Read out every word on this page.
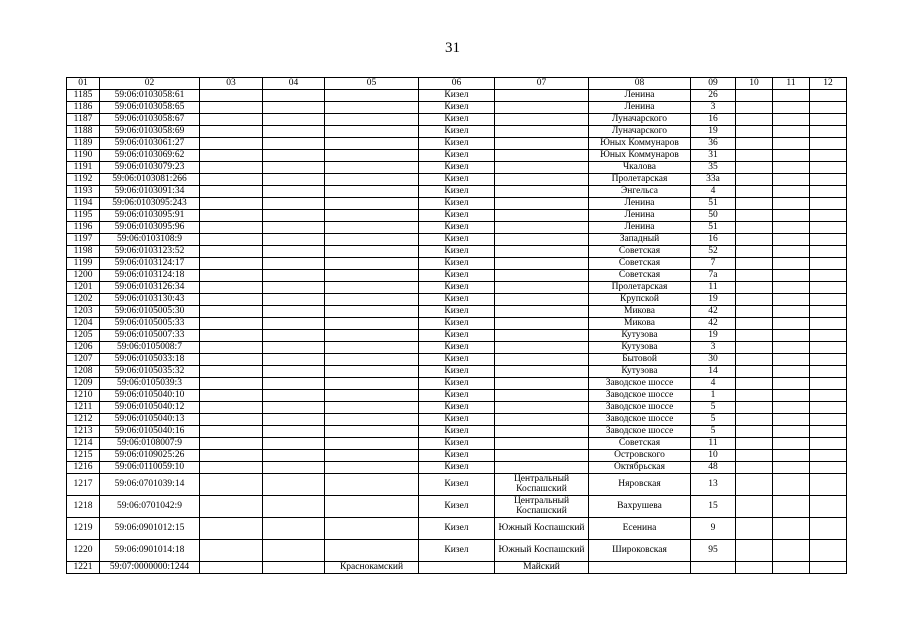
31
01	02	03	04	05	06	07	08	09	10	11	12
1185	59:06:0103058:61				Кизел		Ленина	26			
1186	59:06:0103058:65				Кизел		Ленина	3			
1187	59:06:0103058:67				Кизел		Луначарского	16			
1188	59:06:0103058:69				Кизел		Луначарского	19			
1189	59:06:0103061:27				Кизел		Юных Коммунаров	36			
1190	59:06:0103069:62				Кизел		Юных Коммунаров	31			
1191	59:06:0103079:23				Кизел		Чкалова	35			
1192	59:06:0103081:266				Кизел		Пролетарская	33а			
1193	59:06:0103091:34				Кизел		Энгельса	4			
1194	59:06:0103095:243				Кизел		Ленина	51			
1195	59:06:0103095:91				Кизел		Ленина	50			
1196	59:06:0103095:96				Кизел		Ленина	51			
1197	59:06:0103108:9				Кизел		Западный	16			
1198	59:06:0103123:52				Кизел		Советская	52			
1199	59:06:0103124:17				Кизел		Советская	7			
1200	59:06:0103124:18				Кизел		Советская	7а			
1201	59:06:0103126:34				Кизел		Пролетарская	11			
1202	59:06:0103130:43				Кизел		Крупской	19			
1203	59:06:0105005:30				Кизел		Микова	42			
1204	59:06:0105005:33				Кизел		Микова	42			
1205	59:06:0105007:33				Кизел		Кутузова	19			
1206	59:06:0105008:7				Кизел		Кутузова	3			
1207	59:06:0105033:18				Кизел		Бытовой	30			
1208	59:06:0105035:32				Кизел		Кутузова	14			
1209	59:06:0105039:3				Кизел		Заводское шоссе	4			
1210	59:06:0105040:10				Кизел		Заводское шоссе	1			
1211	59:06:0105040:12				Кизел		Заводское шоссе	5			
1212	59:06:0105040:13				Кизел		Заводское шоссе	5			
1213	59:06:0105040:16				Кизел		Заводское шоссе	5			
1214	59:06:0108007:9				Кизел		Советская	11			
1215	59:06:0109025:26				Кизел		Островского	10			
1216	59:06:0110059:10				Кизел		Октябрьская	48			
1217	59:06:0701039:14				Кизел	Центральный Коспашский	Няровская	13			
1218	59:06:0701042:9				Кизел	Центральный Коспашский	Вахрушева	15			
1219	59:06:0901012:15				Кизел	Южный Коспашский	Есенина	9			
1220	59:06:0901014:18				Кизел	Южный Коспашский	Широковская	95			
1221	59:07:0000000:1244			Краснокамский		Майский					
